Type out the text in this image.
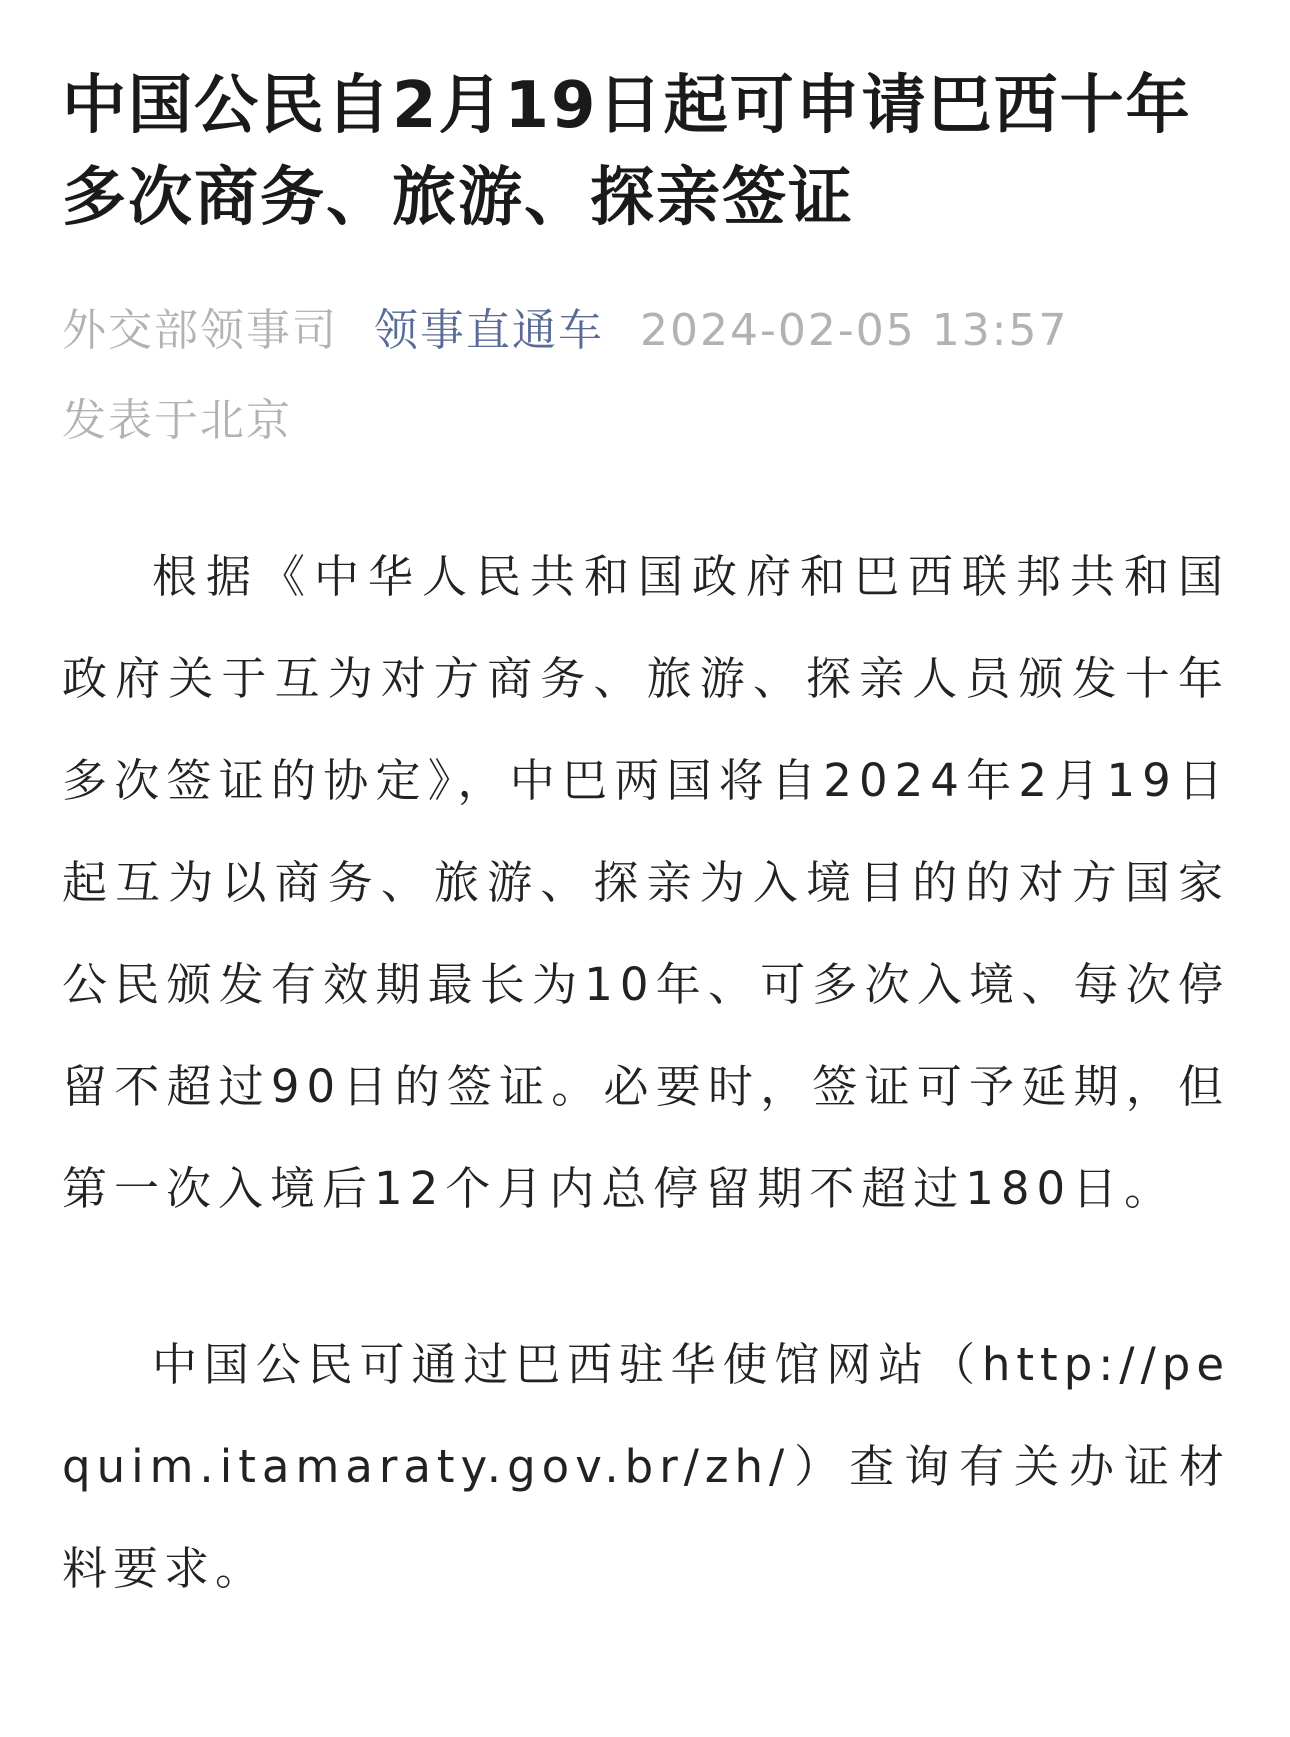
中国公民自2月19日起可申请巴西十年多次商务、旅游、探亲签证
外交部领事司 领事直通车 2024-02-05 13:57
发表于北京

根据《中华人民共和国政府和巴西联邦共和国政府关于互为对方商务、旅游、探亲人员颁发十年多次签证的协定》，中巴两国将自2024年2月19日起互为以商务、旅游、探亲为入境目的的对方国家公民颁发有效期最长为10年、可多次入境、每次停留不超过90日的签证。必要时，签证可予延期，但第一次入境后12个月内总停留期不超过180日。

中国公民可通过巴西驻华使馆网站（http://pequim.itamaraty.gov.br/zh/）查询有关办证材料要求。
